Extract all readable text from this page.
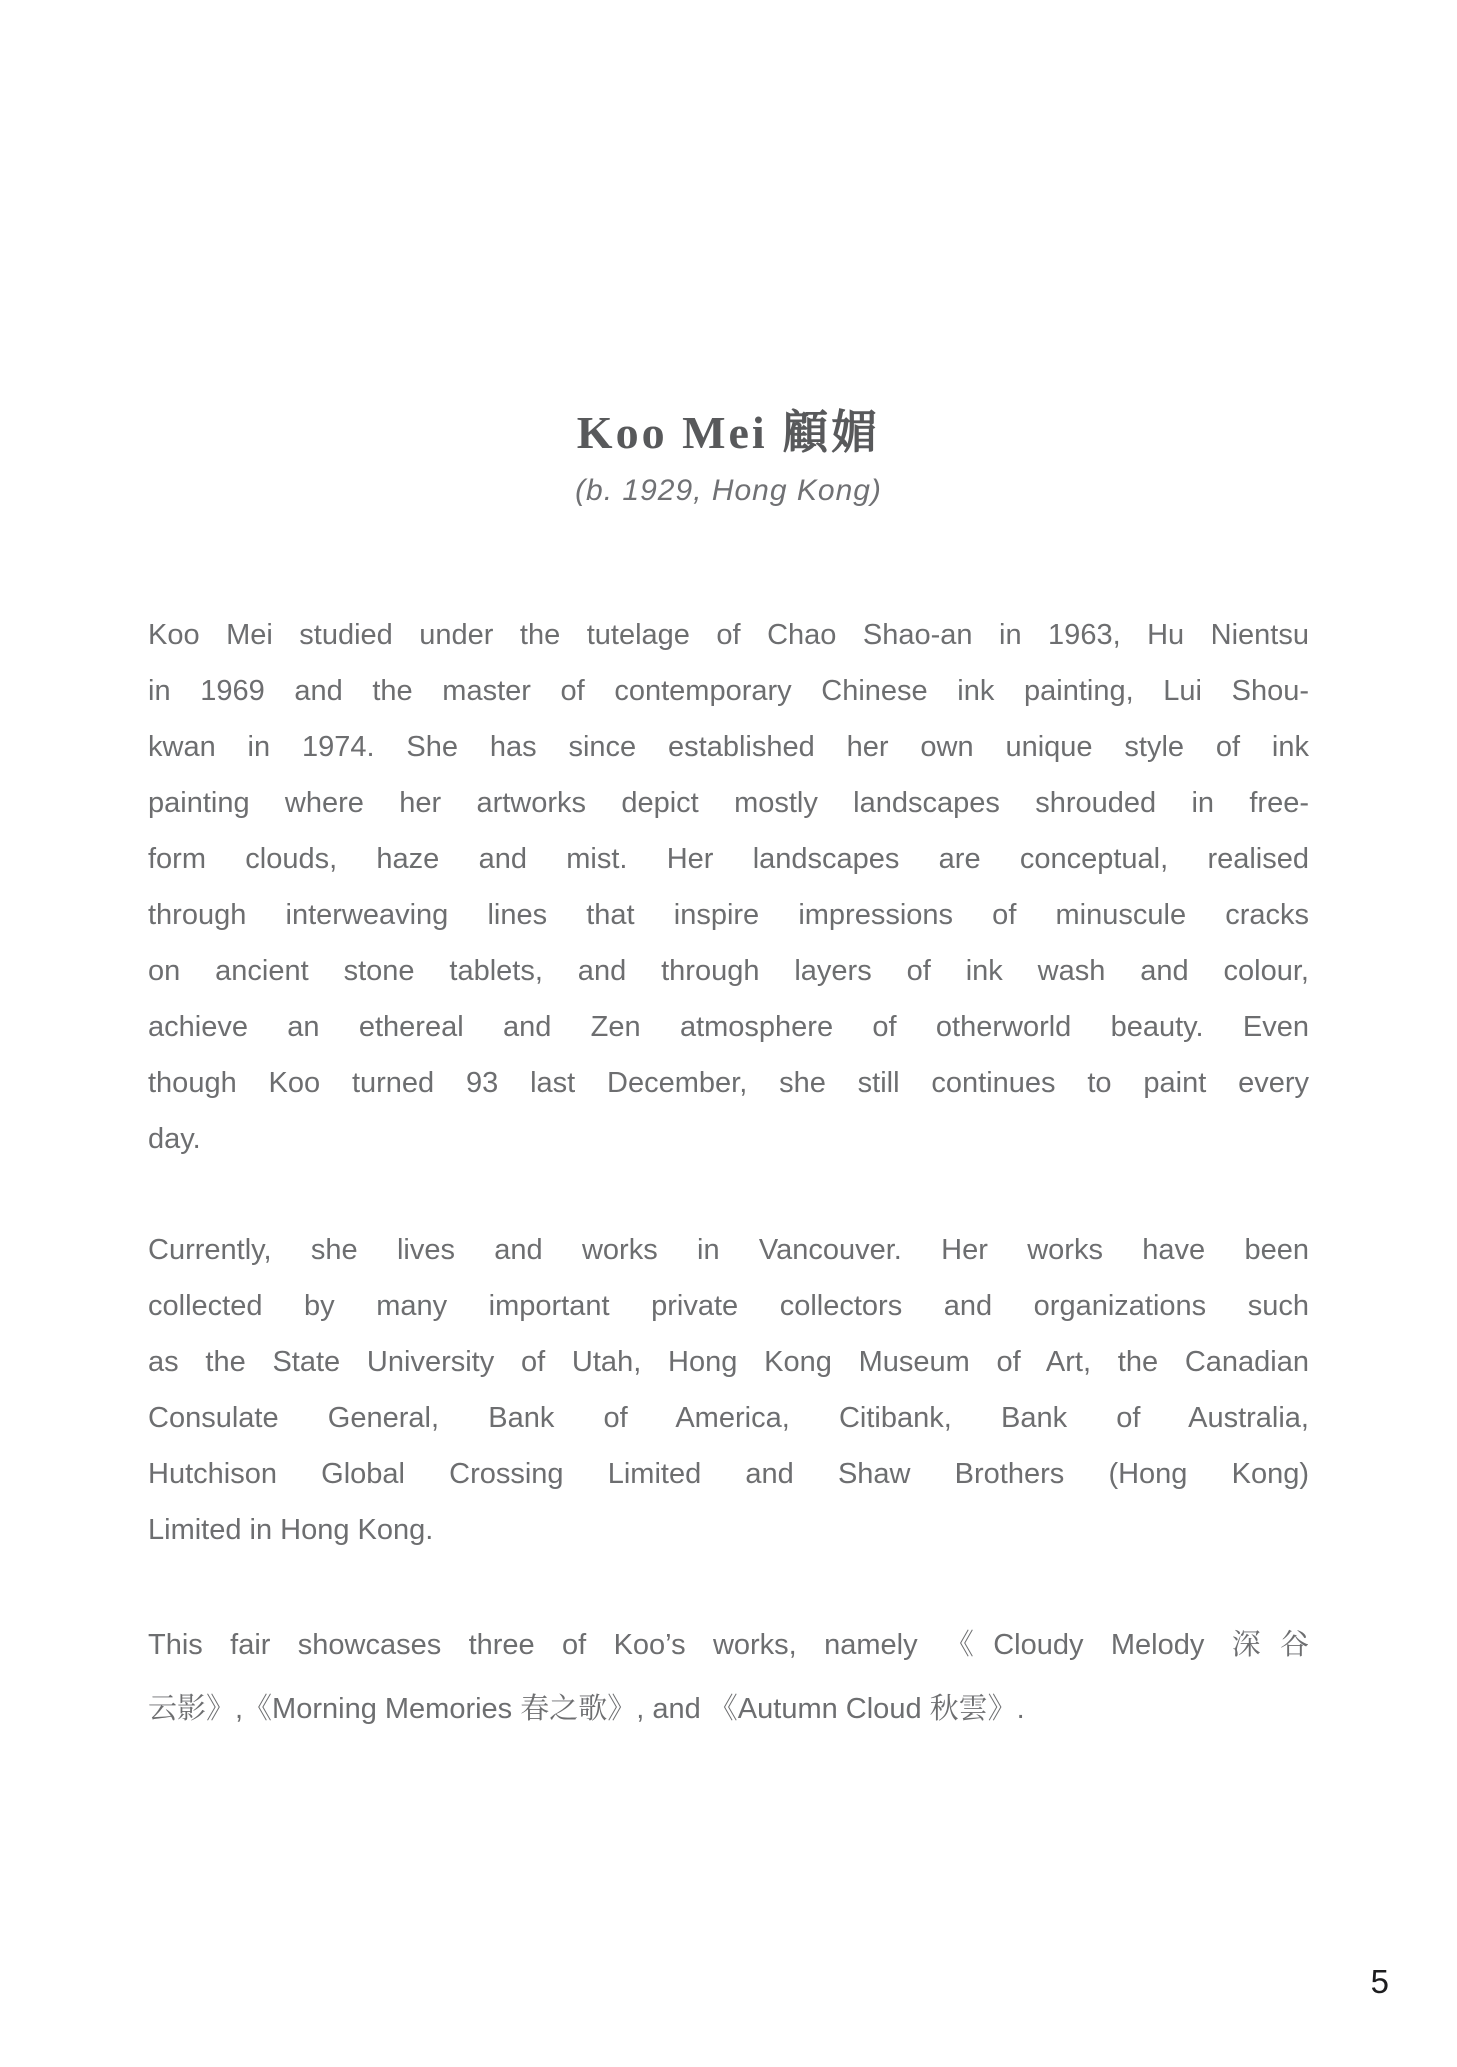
Koo Mei 顧媚
(b. 1929, Hong Kong)
Koo Mei studied under the tutelage of Chao Shao-an in 1963, Hu Nientsu
in 1969 and the master of contemporary Chinese ink painting, Lui Shou-
kwan in 1974. She has since established her own unique style of ink
painting where her artworks depict mostly landscapes shrouded in free-
form clouds, haze and mist. Her landscapes are conceptual, realised
through interweaving lines that inspire impressions of minuscule cracks
on ancient stone tablets, and through layers of ink wash and colour,
achieve an ethereal and Zen atmosphere of otherworld beauty. Even
though Koo turned 93 last December, she still continues to paint every
day.
Currently, she lives and works in Vancouver. Her works have been
collected by many important private collectors and organizations such
as the State University of Utah, Hong Kong Museum of Art, the Canadian
Consulate General, Bank of America, Citibank, Bank of Australia,
Hutchison Global Crossing Limited and Shaw Brothers (Hong Kong)
Limited in Hong Kong.
This fair showcases three of Koo’s works, namely 《Cloudy Melody 深谷
云影》,《Morning Memories 春之歌》, and 《Autumn Cloud 秋雲》.
5
